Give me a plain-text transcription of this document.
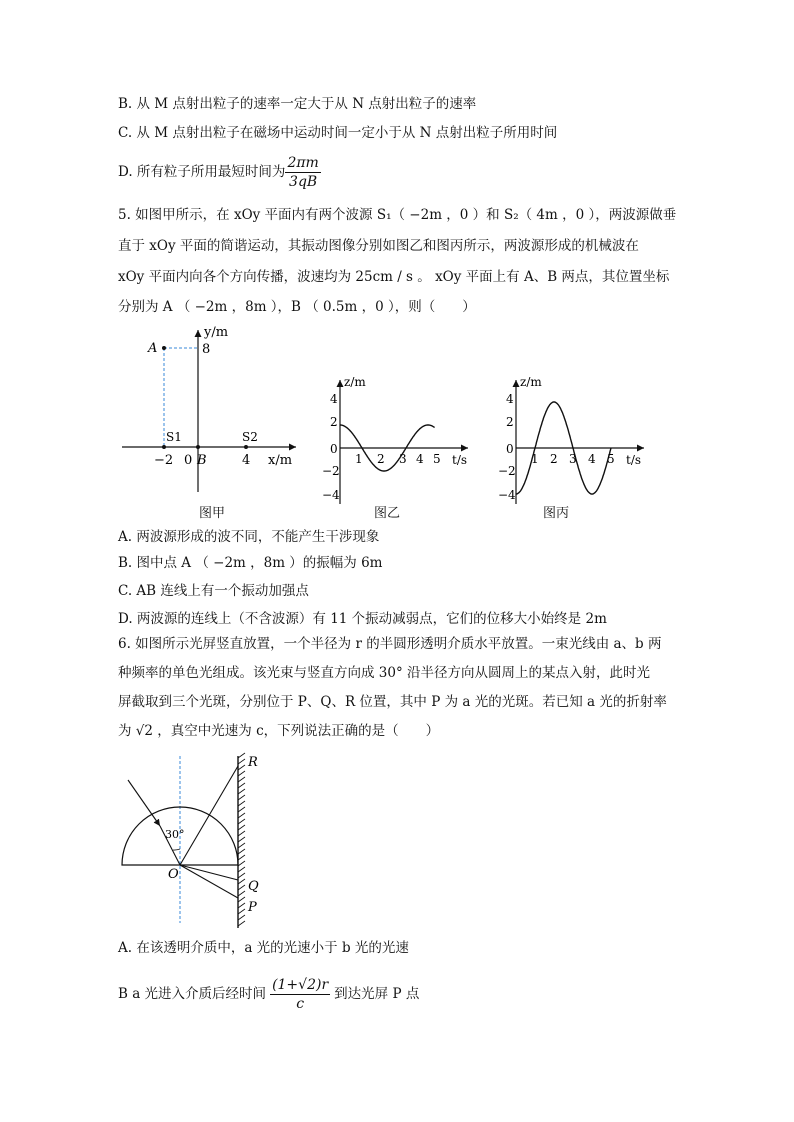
B. 从 M 点射出粒子的速率一定大于从 N 点射出粒子的速率
C. 从 M 点射出粒子在磁场中运动时间一定小于从 N 点射出粒子所用时间
D. 所有粒子所用最短时间为 $\frac{2\pi m}{3qB}$
5. 如图甲所示，在 xOy 平面内有两个波源 S₁（ −2m ，0 ）和 S₂（ 4m ，0 ），两波源做垂
直于 xOy 平面的简谐运动，其振动图像分别如图乙和图丙所示，两波源形成的机械波在
xOy 平面内向各个方向传播，波速均为 25cm / s 。 xOy 平面上有 A、B 两点，其位置坐标
分别为 A （ −2m ，8m ），B （ 0.5m ，0 ），则（　　）
A	8
y/m
x/m
S1	S2
B
−2 0	4
图甲
z/m
t/s
4
2
0
−2
−4
1 2 3 4 5
图乙
z/m
t/s
4
2
0
−2
−4
1 2 3 4 5
图丙
A. 两波源形成的波不同，不能产生干涉现象
B. 图中点 A （ −2m ，8m ）的振幅为 6m
C. AB 连线上有一个振动加强点
D. 两波源的连线上（不含波源）有 11 个振动减弱点，它们的位移大小始终是 2m
6. 如图所示光屏竖直放置，一个半径为 r 的半圆形透明介质水平放置。一束光线由 a、b 两
种频率的单色光组成。该光束与竖直方向成 30° 沿半径方向从圆周上的某点入射，此时光
屏截取到三个光斑，分别位于 P、Q、R 位置，其中 P 为 a 光的光斑。若已知 a 光的折射率
为 √2 ，真空中光速为 c，下列说法正确的是（　　）
30°
O
R
Q
P
A. 在该透明介质中，a 光的光速小于 b 光的光速
B a 光进入介质后经时间 $\frac{(1+√2)r}{c}$ 到达光屏 P 点
